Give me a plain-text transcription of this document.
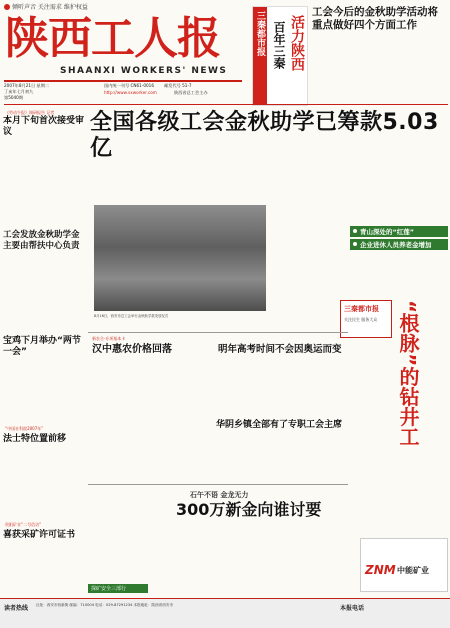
倾听声音 关注需求 维护权益
陕西工人报
SHAANXI WORKERS' NEWS
2007年8月21日 星期二
丁亥年七月初九
第5040期
国内统一刊号 CN61-0016 邮发代号 51-7
http://www.sxworker.com	陕西省总工会主办
三秦都市报 百年三秦 活力陕西
工会今后的金秋助学活动将重点做好四个方面工作
全国各级工会金秋助学已筹款5.03亿
8月16日，西安市总工会举行金秋助学款发放仪式
《劳动午报》调研报告 记者
本月下旬首次接受审议
工会发放金秋助学金主要由帮扶中心负责
宝鸡下月举办“两节一会”
“中国社科院2007年”
法士特位置前移
贵阳矿业“二号信访”
喜获采矿许可证书
三秦都市报
关注民生 服务大众
青山深处的“红莲”
企业进休人员养老金增加
“根脉”的钻井工
新农合·专项基本卡
汉中惠农价格回落	明年高考时间不会因奥运而变
华阴乡镇全部有了专职工会主席
石午不语 金龙无力
300万新金向谁讨要
探矿安全三部行
ZNM 中能矿业
读者热线 社址：西安市西新街 邮编：710004 电话：029-87291234 本报地址：陕西省西安市	本报电话
